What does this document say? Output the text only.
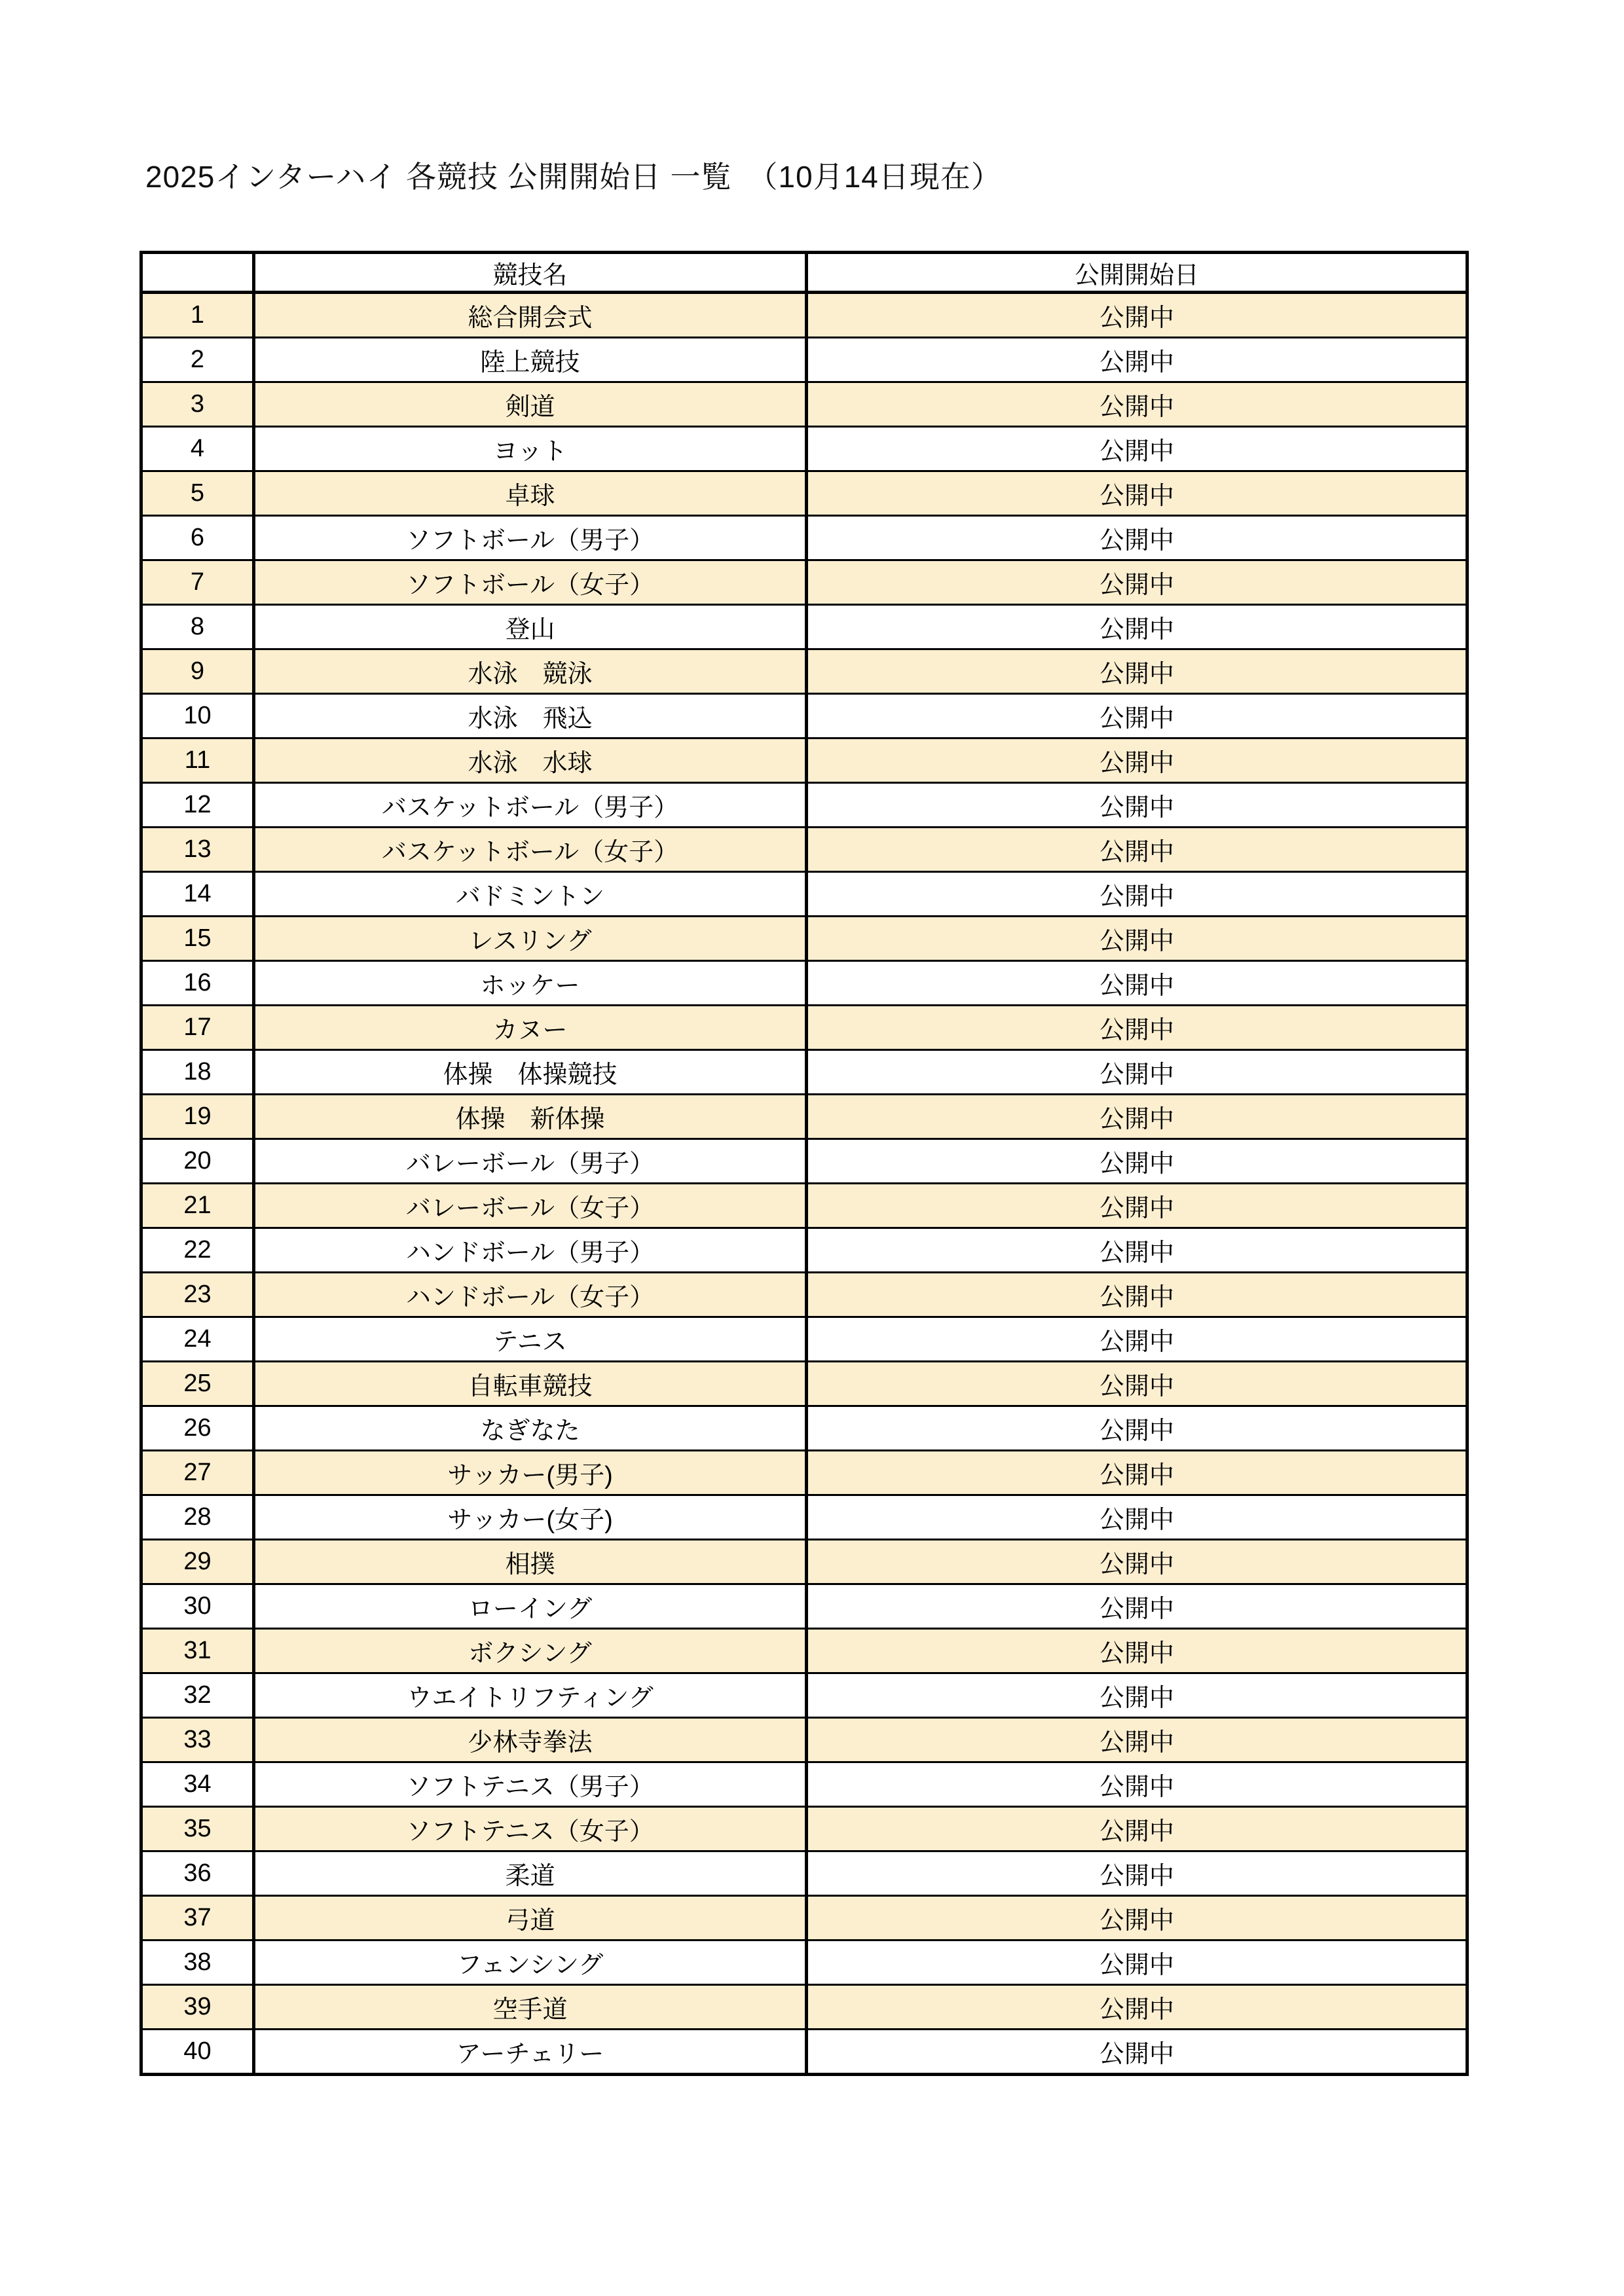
2025インターハイ 各競技 公開開始日 一覧　（10月14日現在）
	競技名	公開開始日
1	総合開会式	公開中
2	陸上競技	公開中
3	剣道	公開中
4	ヨット	公開中
5	卓球	公開中
6	ソフトボール（男子）	公開中
7	ソフトボール（女子）	公開中
8	登山	公開中
9	水泳　競泳	公開中
10	水泳　飛込	公開中
11	水泳　水球	公開中
12	バスケットボール（男子）	公開中
13	バスケットボール（女子）	公開中
14	バドミントン	公開中
15	レスリング	公開中
16	ホッケー	公開中
17	カヌー	公開中
18	体操　体操競技	公開中
19	体操　新体操	公開中
20	バレーボール（男子）	公開中
21	バレーボール（女子）	公開中
22	ハンドボール（男子）	公開中
23	ハンドボール（女子）	公開中
24	テニス	公開中
25	自転車競技	公開中
26	なぎなた	公開中
27	サッカー(男子)	公開中
28	サッカー(女子)	公開中
29	相撲	公開中
30	ローイング	公開中
31	ボクシング	公開中
32	ウエイトリフティング	公開中
33	少林寺拳法	公開中
34	ソフトテニス（男子）	公開中
35	ソフトテニス（女子）	公開中
36	柔道	公開中
37	弓道	公開中
38	フェンシング	公開中
39	空手道	公開中
40	アーチェリー	公開中
